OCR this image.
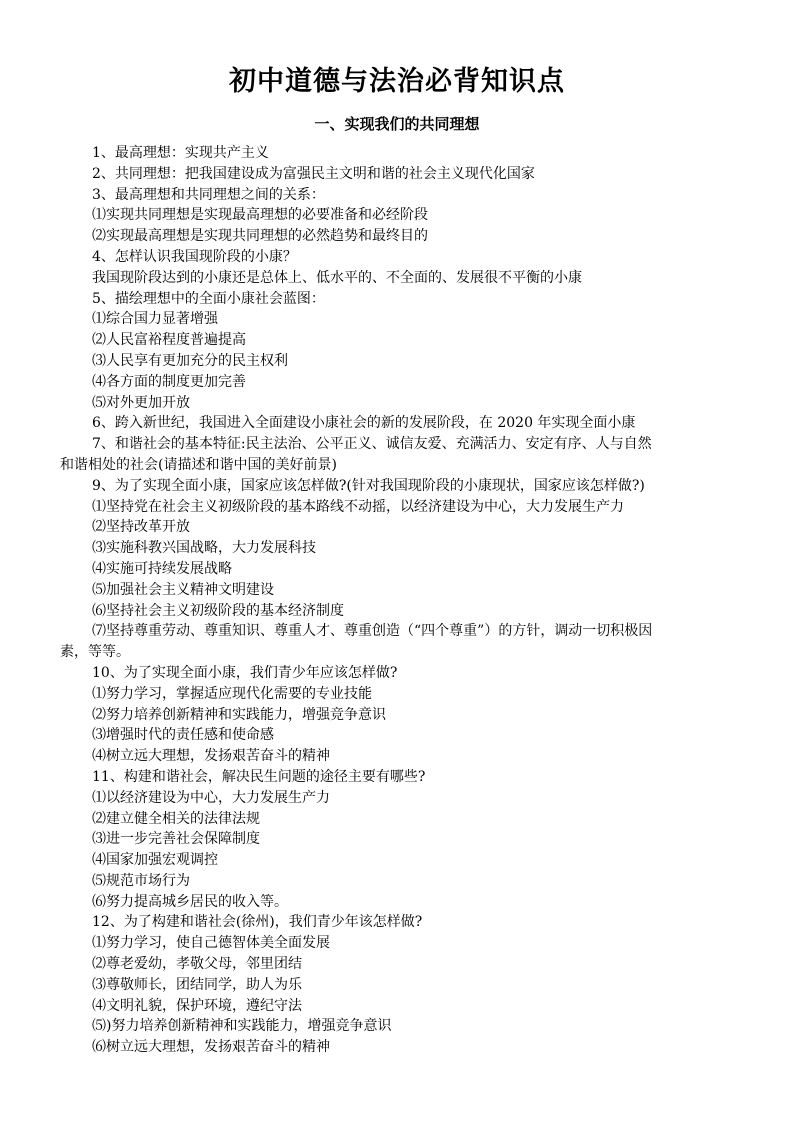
初中道德与法治必背知识点
一、实现我们的共同理想
1、最高理想：实现共产主义
2、共同理想：把我国建设成为富强民主文明和谐的社会主义现代化国家
3、最高理想和共同理想之间的关系：
⑴实现共同理想是实现最高理想的必要准备和必经阶段
⑵实现最高理想是实现共同理想的必然趋势和最终目的
4、怎样认识我国现阶段的小康？
我国现阶段达到的小康还是总体上、低水平的、不全面的、发展很不平衡的小康
5、描绘理想中的全面小康社会蓝图：
⑴综合国力显著增强
⑵人民富裕程度普遍提高
⑶人民享有更加充分的民主权利
⑷各方面的制度更加完善
⑸对外更加开放
6、跨入新世纪，我国进入全面建设小康社会的新的发展阶段，在 2020 年实现全面小康
7、和谐社会的基本特征:民主法治、公平正义、诚信友爱、充满活力、安定有序、人与自然
和谐相处的社会(请描述和谐中国的美好前景)
9、为了实现全面小康，国家应该怎样做?(针对我国现阶段的小康现状，国家应该怎样做?)
⑴坚持党在社会主义初级阶段的基本路线不动摇，以经济建设为中心，大力发展生产力
⑵坚持改革开放
⑶实施科教兴国战略，大力发展科技
⑷实施可持续发展战略
⑸加强社会主义精神文明建设
⑹坚持社会主义初级阶段的基本经济制度
⑺坚持尊重劳动、尊重知识、尊重人才、尊重创造（“四个尊重”）的方针，调动一切积极因
素，等等。
10、为了实现全面小康，我们青少年应该怎样做?
⑴努力学习，掌握适应现代化需要的专业技能
⑵努力培养创新精神和实践能力，增强竞争意识
⑶增强时代的责任感和使命感
⑷树立远大理想，发扬艰苦奋斗的精神
11、构建和谐社会，解决民生问题的途径主要有哪些?
⑴以经济建设为中心，大力发展生产力
⑵建立健全相关的法律法规
⑶进一步完善社会保障制度
⑷国家加强宏观调控
⑸规范市场行为
⑹努力提高城乡居民的收入等。
12、为了构建和谐社会(徐州)，我们青少年该怎样做?
⑴努力学习，使自己德智体美全面发展
⑵尊老爱幼，孝敬父母，邻里团结
⑶尊敬师长，团结同学，助人为乐
⑷文明礼貌，保护环境，遵纪守法
⑸)努力培养创新精神和实践能力，增强竞争意识
⑹树立远大理想，发扬艰苦奋斗的精神
